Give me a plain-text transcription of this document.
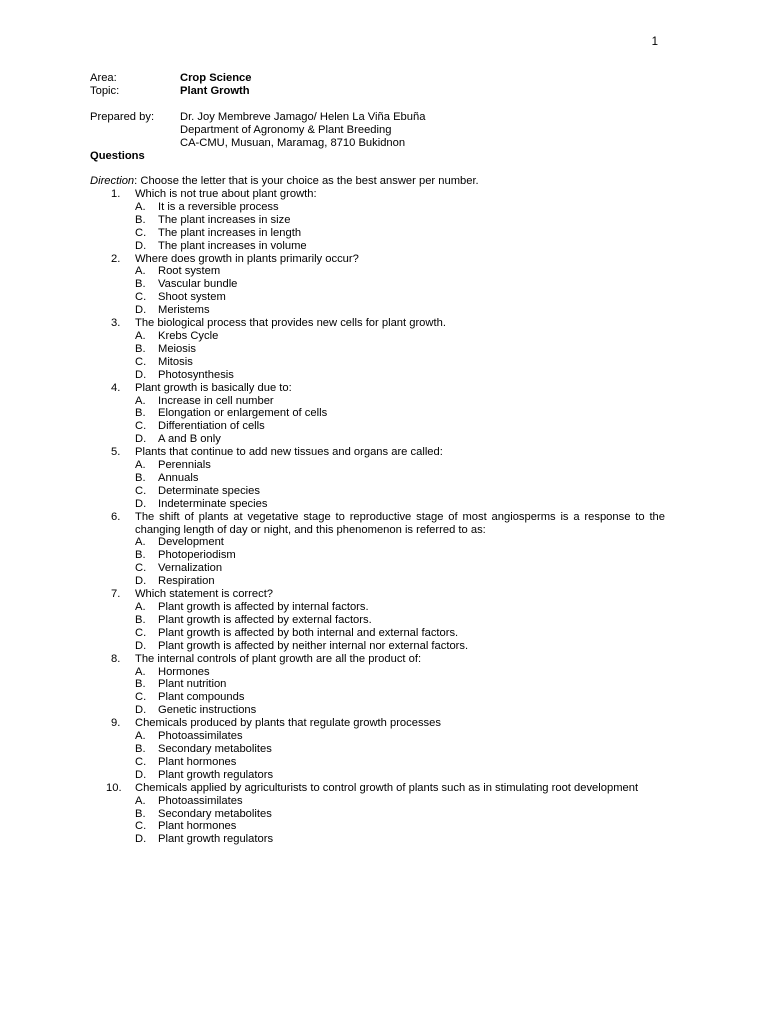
1
Area:	Crop Science
Topic:	Plant Growth
Prepared by:	Dr. Joy Membreve Jamago/ Helen La Viña Ebuña
Department of Agronomy & Plant Breeding
CA-CMU, Musuan, Maramag, 8710 Bukidnon
Questions
Direction: Choose the letter that is your choice as the best answer per number.
1.	Which is not true about plant growth:
A.	It is a reversible process
B.	The plant increases in size
C.	The plant increases in length
D.	The plant increases in volume
2.	Where does growth in plants primarily occur?
A.	Root system
B.	Vascular bundle
C.	Shoot system
D.	Meristems
3.	The biological process that provides new cells for plant growth.
A.	Krebs Cycle
B.	Meiosis
C.	Mitosis
D.	Photosynthesis
4.	Plant growth is basically due to:
A.	Increase in cell number
B.	Elongation or enlargement of cells
C.	Differentiation of cells
D.	A and B only
5.	Plants that continue to add new tissues and organs are called:
A.	Perennials
B.	Annuals
C.	Determinate species
D.	Indeterminate species
6.	The shift of plants at vegetative stage to reproductive stage of most angiosperms is a response to the changing length of day or night, and this phenomenon is referred to as:
A.	Development
B.	Photoperiodism
C.	Vernalization
D.	Respiration
7.	Which statement is correct?
A.	Plant growth is affected by internal factors.
B.	Plant growth is affected by external factors.
C.	Plant growth is affected by both internal and external factors.
D.	Plant growth is affected by neither internal nor external factors.
8.	The internal controls of plant growth are all the product of:
A.	Hormones
B.	Plant nutrition
C.	Plant compounds
D.	Genetic instructions
9.	Chemicals produced by plants that regulate growth processes
A.	Photoassimilates
B.	Secondary metabolites
C.	Plant hormones
D.	Plant growth regulators
10.	Chemicals applied by agriculturists to control growth of plants such as in stimulating root development
A.	Photoassimilates
B.	Secondary metabolites
C.	Plant hormones
D.	Plant growth regulators
